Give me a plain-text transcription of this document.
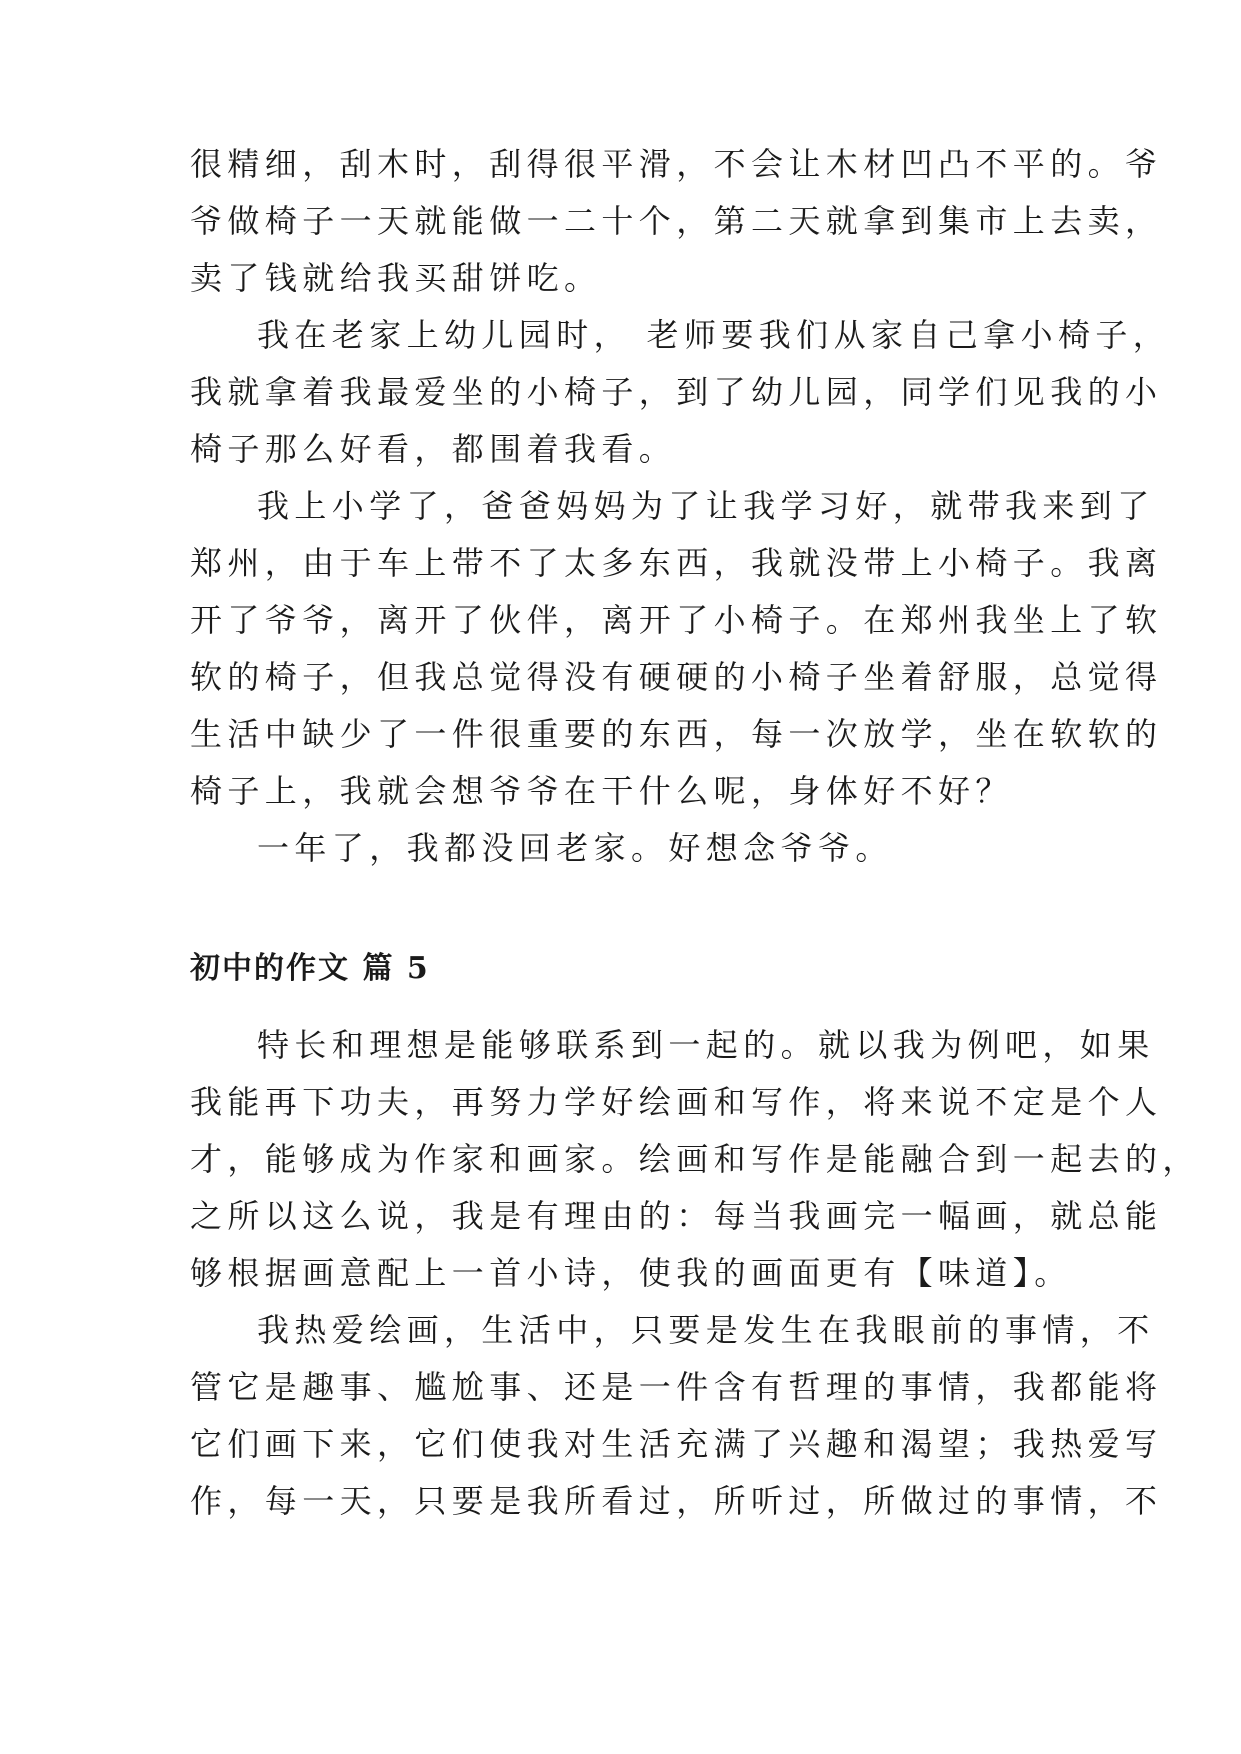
很精细，刮木时，刮得很平滑，不会让木材凹凸不平的。爷

爷做椅子一天就能做一二十个，第二天就拿到集市上去卖，

卖了钱就给我买甜饼吃。

我在老家上幼儿园时， 老师要我们从家自己拿小椅子，

我就拿着我最爱坐的小椅子，到了幼儿园，同学们见我的小

椅子那么好看，都围着我看。

我上小学了，爸爸妈妈为了让我学习好，就带我来到了

郑州，由于车上带不了太多东西，我就没带上小椅子。我离

开了爷爷，离开了伙伴，离开了小椅子。在郑州我坐上了软

软的椅子，但我总觉得没有硬硬的小椅子坐着舒服，总觉得

生活中缺少了一件很重要的东西，每一次放学，坐在软软的

椅子上，我就会想爷爷在干什么呢，身体好不好？

一年了，我都没回老家。好想念爷爷。

初中的作文 篇 5

特长和理想是能够联系到一起的。就以我为例吧，如果

我能再下功夫，再努力学好绘画和写作，将来说不定是个人

才，能够成为作家和画家。绘画和写作是能融合到一起去的，

之所以这么说，我是有理由的：每当我画完一幅画，就总能

够根据画意配上一首小诗，使我的画面更有【味道】。

我热爱绘画，生活中，只要是发生在我眼前的事情，不

管它是趣事、尴尬事、还是一件含有哲理的事情，我都能将

它们画下来，它们使我对生活充满了兴趣和渴望；我热爱写

作，每一天，只要是我所看过，所听过，所做过的事情，不
